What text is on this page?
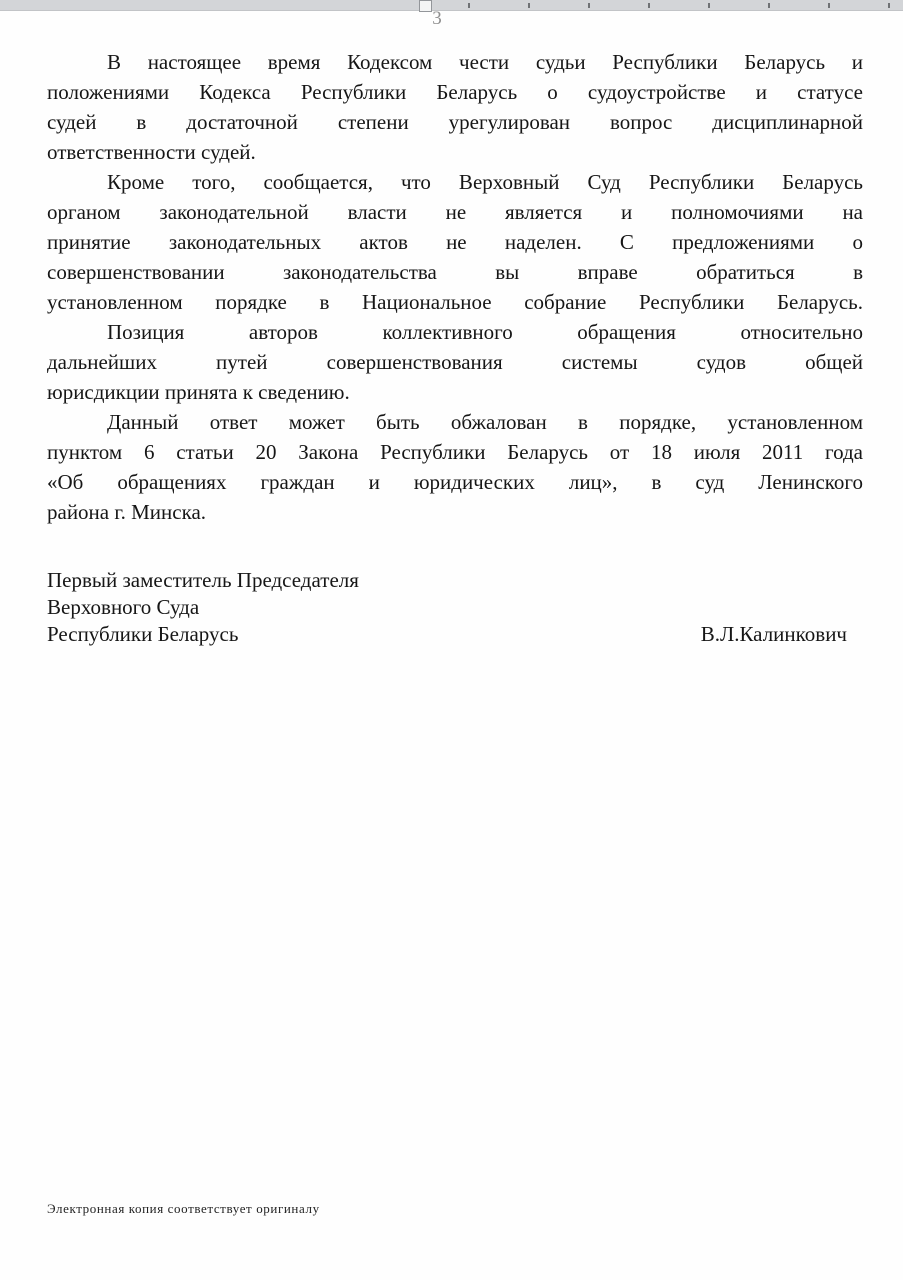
3
В настоящее время Кодексом чести судьи Республики Беларусь и
положениями Кодекса Республики Беларусь о судоустройстве и статусе
судей в достаточной степени урегулирован вопрос дисциплинарной
ответственности судей.
Кроме того, сообщается, что Верховный Суд Республики Беларусь
органом законодательной власти не является и полномочиями на
принятие законодательных актов не наделен. С предложениями о
совершенствовании законодательства вы вправе обратиться в
установленном порядке в Национальное собрание Республики Беларусь.
Позиция авторов коллективного обращения относительно
дальнейших путей совершенствования системы судов общей
юрисдикции принята к сведению.
Данный ответ может быть обжалован в порядке, установленном
пунктом 6 статьи 20 Закона Республики Беларусь от 18 июля 2011 года
«Об обращениях граждан и юридических лиц», в суд Ленинского
района г. Минска.
Первый заместитель Председателя
Верховного Суда
Республики Беларусь	В.Л.Калинкович
Электронная копия соответствует оригиналу
